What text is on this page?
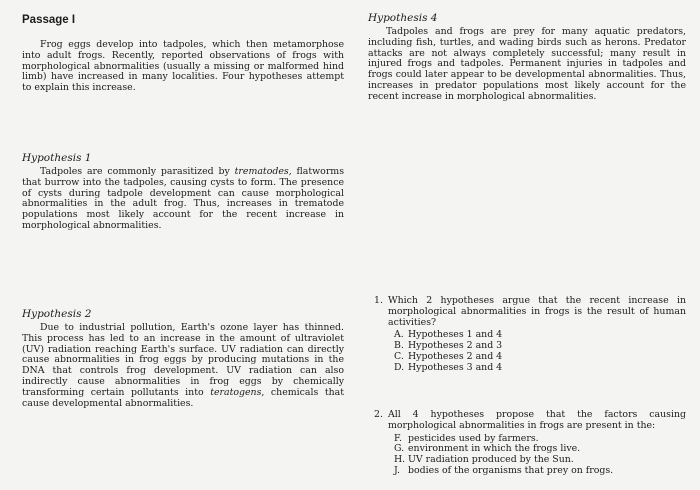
Passage I

Frog eggs develop into tadpoles, which then metamorphose into adult frogs. Recently, reported observations of frogs with morphological abnormalities (usually a missing or malformed hind limb) have increased in many localities. Four hypotheses attempt to explain this increase.

Hypothesis 1

Tadpoles are commonly parasitized by trematodes, flatworms that burrow into the tadpoles, causing cysts to form. The presence of cysts during tadpole development can cause morphological abnormalities in the adult frog. Thus, increases in trematode populations most likely account for the recent increase in morphological abnormalities.

Hypothesis 2

Due to industrial pollution, Earth's ozone layer has thinned. This process has led to an increase in the amount of ultraviolet (UV) radiation reaching Earth's surface. UV radiation can directly cause abnormalities in frog eggs by producing mutations in the DNA that controls frog development. UV radiation can also indirectly cause abnormalities in frog eggs by chemically transforming certain pollutants into teratogens, chemicals that cause developmental abnormalities.

Hypothesis 4

Tadpoles and frogs are prey for many aquatic predators, including fish, turtles, and wading birds such as herons. Predator attacks are not always completely successful; many result in injured frogs and tadpoles. Permanent injuries in tadpoles and frogs could later appear to be developmental abnormalities. Thus, increases in predator populations most likely account for the recent increase in morphological abnormalities.

1. Which 2 hypotheses argue that the recent increase in morphological abnormalities in frogs is the result of human activities?
A. Hypotheses 1 and 4
B. Hypotheses 2 and 3
C. Hypotheses 2 and 4
D. Hypotheses 3 and 4
2. All 4 hypotheses propose that the factors causing morphological abnormalities in frogs are present in the:
F. pesticides used by farmers.
G. environment in which the frogs live.
H. UV radiation produced by the Sun.
J. bodies of the organisms that prey on frogs.
